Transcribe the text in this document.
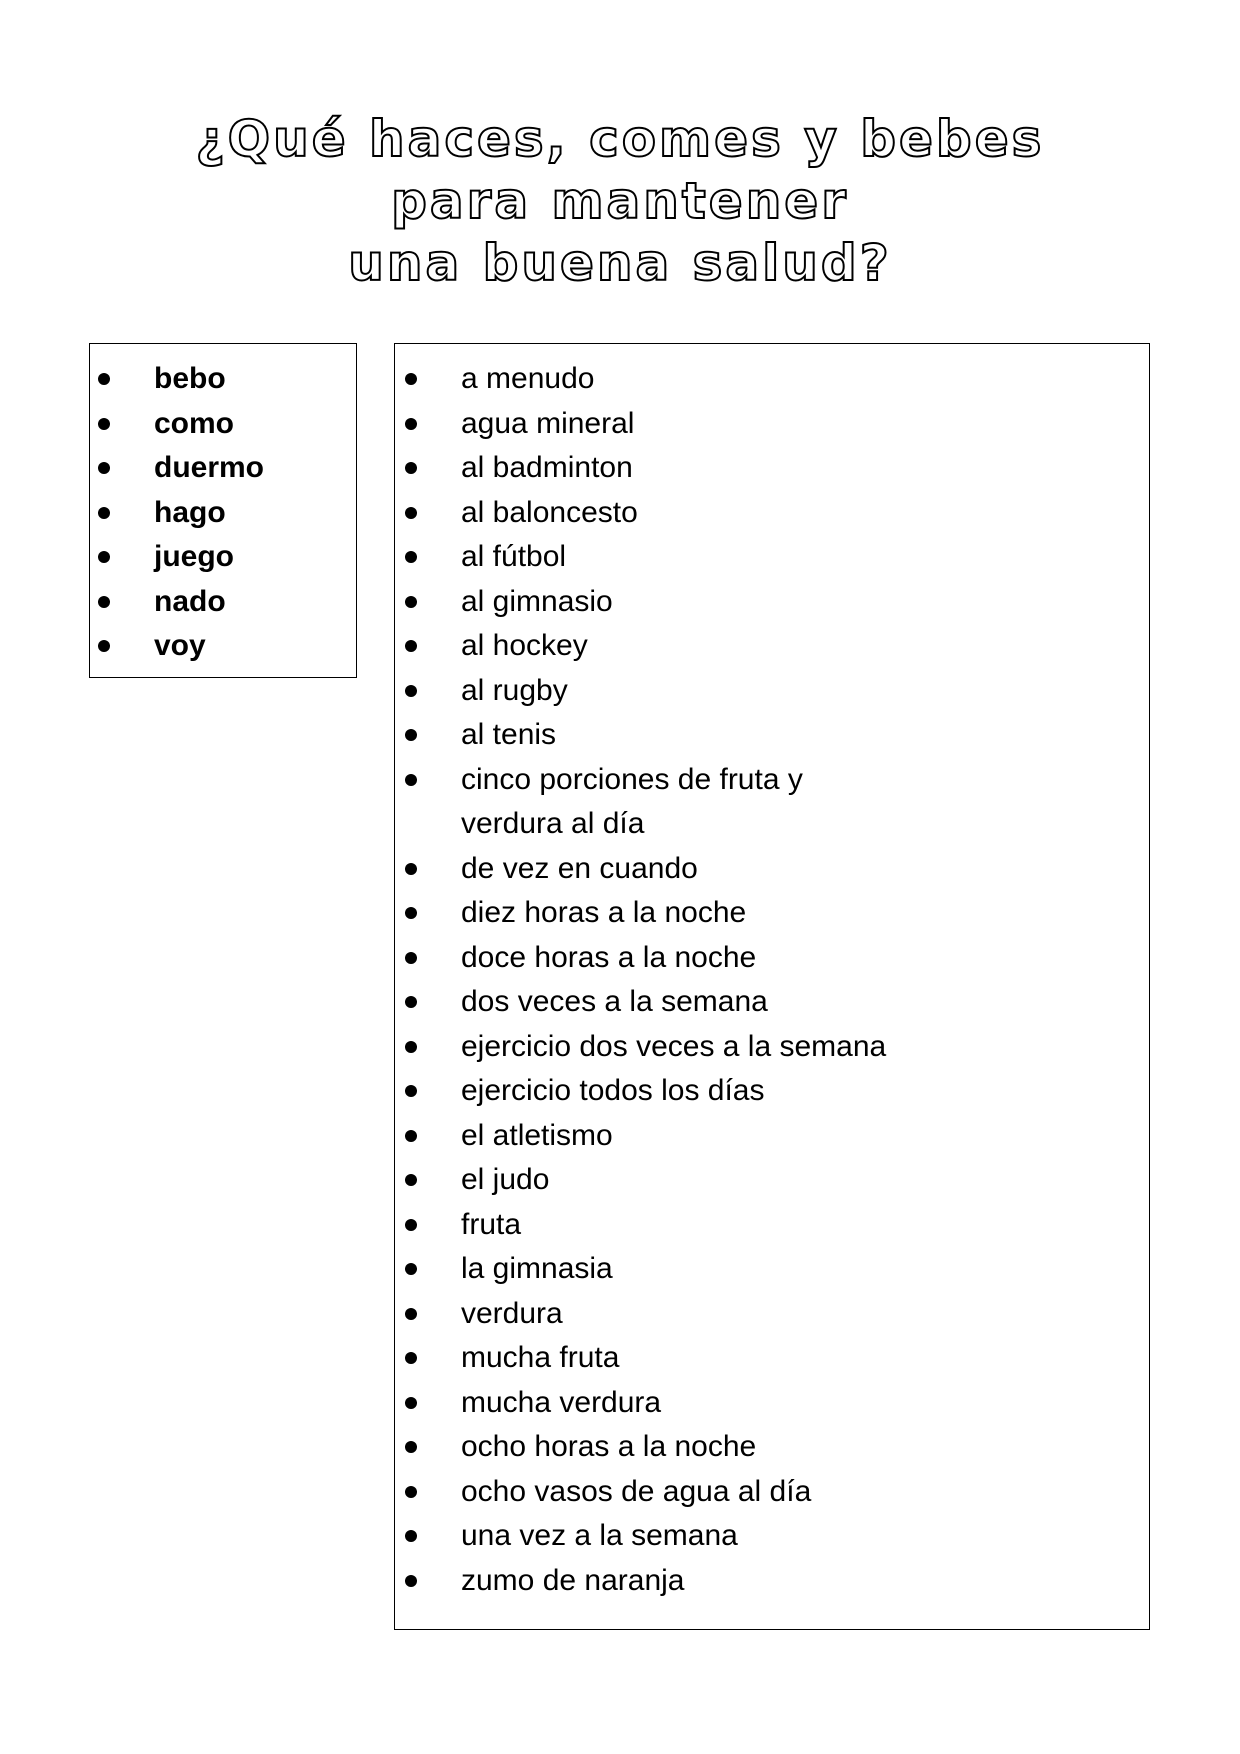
¿Qué haces, comes y bebes
para mantener
una buena salud?
bebo
como
duermo
hago
juego
nado
voy
a menudo
agua mineral
al badminton
al baloncesto
al fútbol
al gimnasio
al hockey
al rugby
al tenis
cinco porciones de fruta y verdura al día
de vez en cuando
diez horas a la noche
doce horas a la noche
dos veces a la semana
ejercicio dos veces a la semana
ejercicio todos los días
el atletismo
el judo
fruta
la gimnasia
verdura
mucha fruta
mucha verdura
ocho horas a la noche
ocho vasos de agua al día
una vez a la semana
zumo de naranja
